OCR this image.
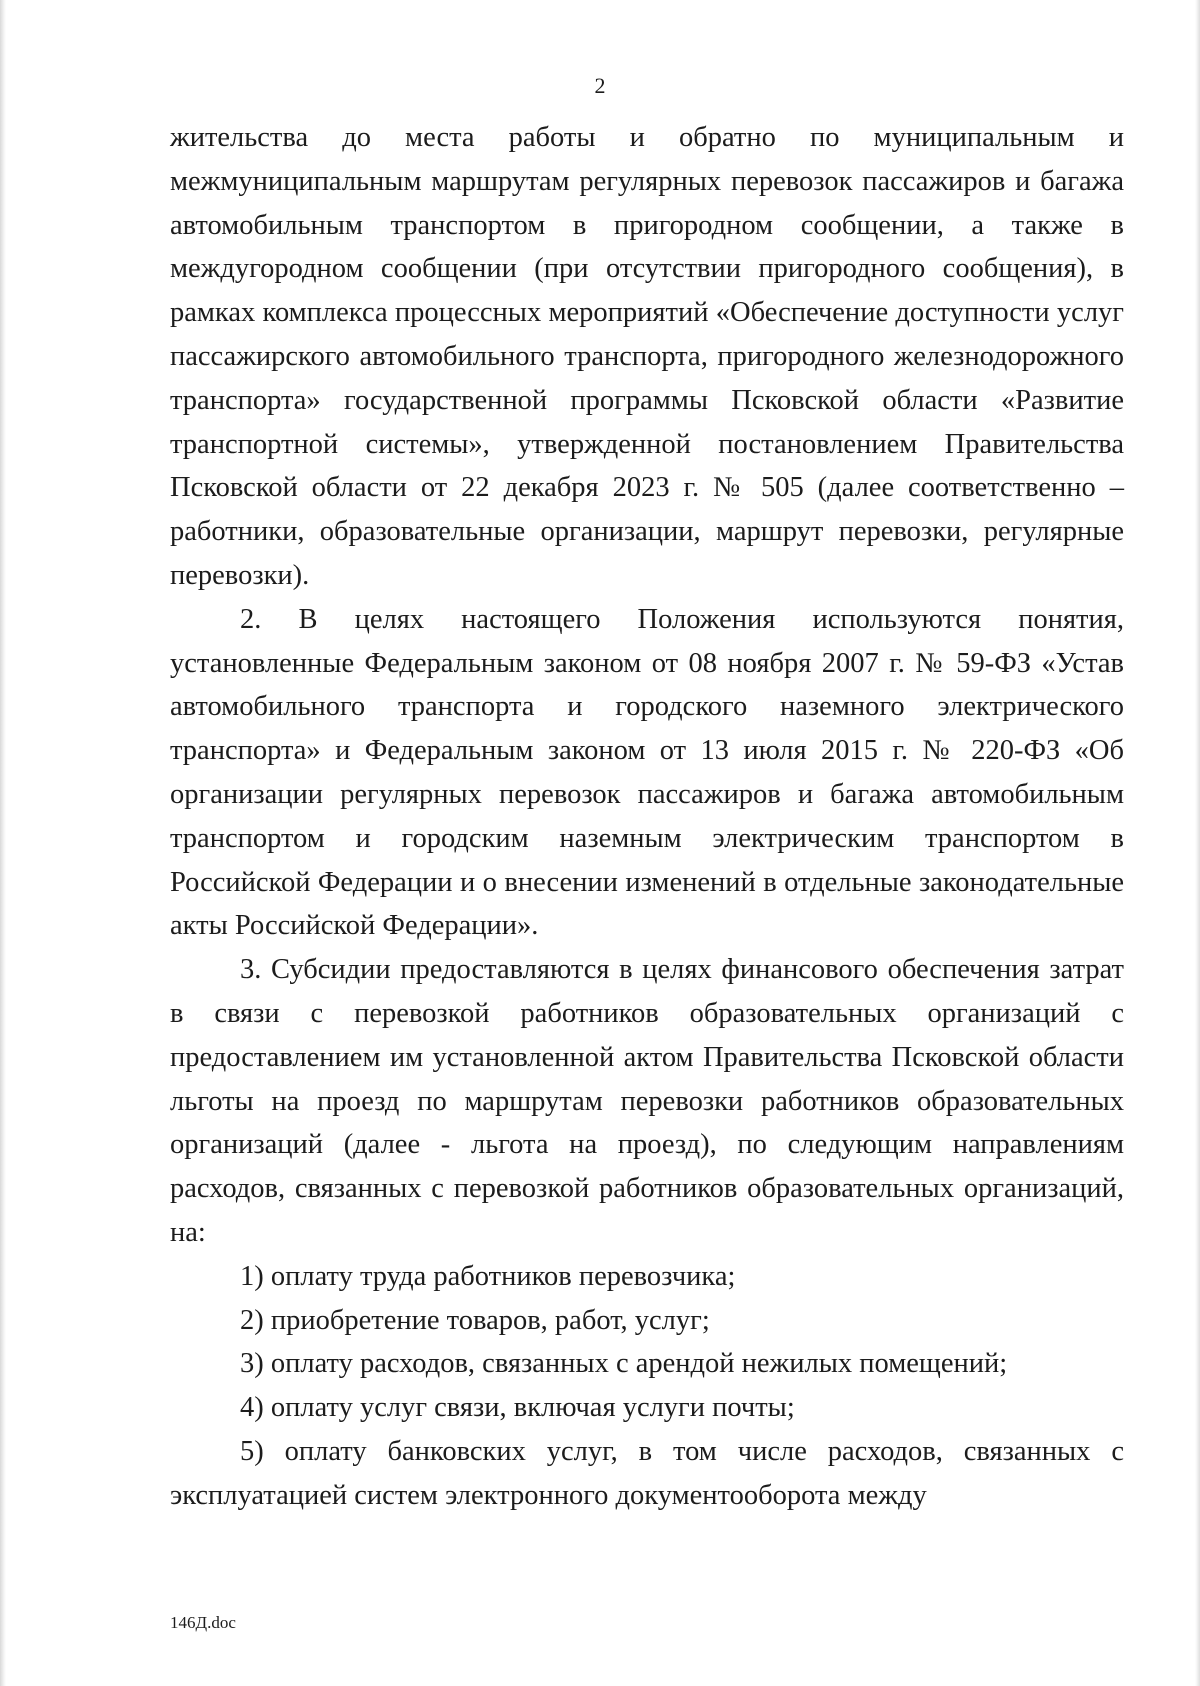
2

жительства до места работы и обратно по муниципальным и межмуниципальным маршрутам регулярных перевозок пассажиров и багажа автомобильным транспортом в пригородном сообщении, а также в междугородном сообщении (при отсутствии пригородного сообщения), в рамках комплекса процессных мероприятий «Обеспечение доступности услуг пассажирского автомобильного транспорта, пригородного железнодорожного транспорта» государственной программы Псковской области «Развитие транспортной системы», утвержденной постановлением Правительства Псковской области от 22 декабря 2023 г. № 505 (далее соответственно – работники, образовательные организации, маршрут перевозки, регулярные перевозки).

2. В целях настоящего Положения используются понятия, установленные Федеральным законом от 08 ноября 2007 г. № 59-ФЗ «Устав автомобильного транспорта и городского наземного электрического транспорта» и Федеральным законом от 13 июля 2015 г. № 220-ФЗ «Об организации регулярных перевозок пассажиров и багажа автомобильным транспортом и городским наземным электрическим транспортом в Российской Федерации и о внесении изменений в отдельные законодательные акты Российской Федерации».

3. Субсидии предоставляются в целях финансового обеспечения затрат в связи с перевозкой работников образовательных организаций с предоставлением им установленной актом Правительства Псковской области льготы на проезд по маршрутам перевозки работников образовательных организаций (далее - льгота на проезд), по следующим направлениям расходов, связанных с перевозкой работников образовательных организаций, на:

1) оплату труда работников перевозчика;

2) приобретение товаров, работ, услуг;

3) оплату расходов, связанных с арендой нежилых помещений;

4) оплату услуг связи, включая услуги почты;

5) оплату банковских услуг, в том числе расходов, связанных с эксплуатацией систем электронного документооборота между

146Д.doc
